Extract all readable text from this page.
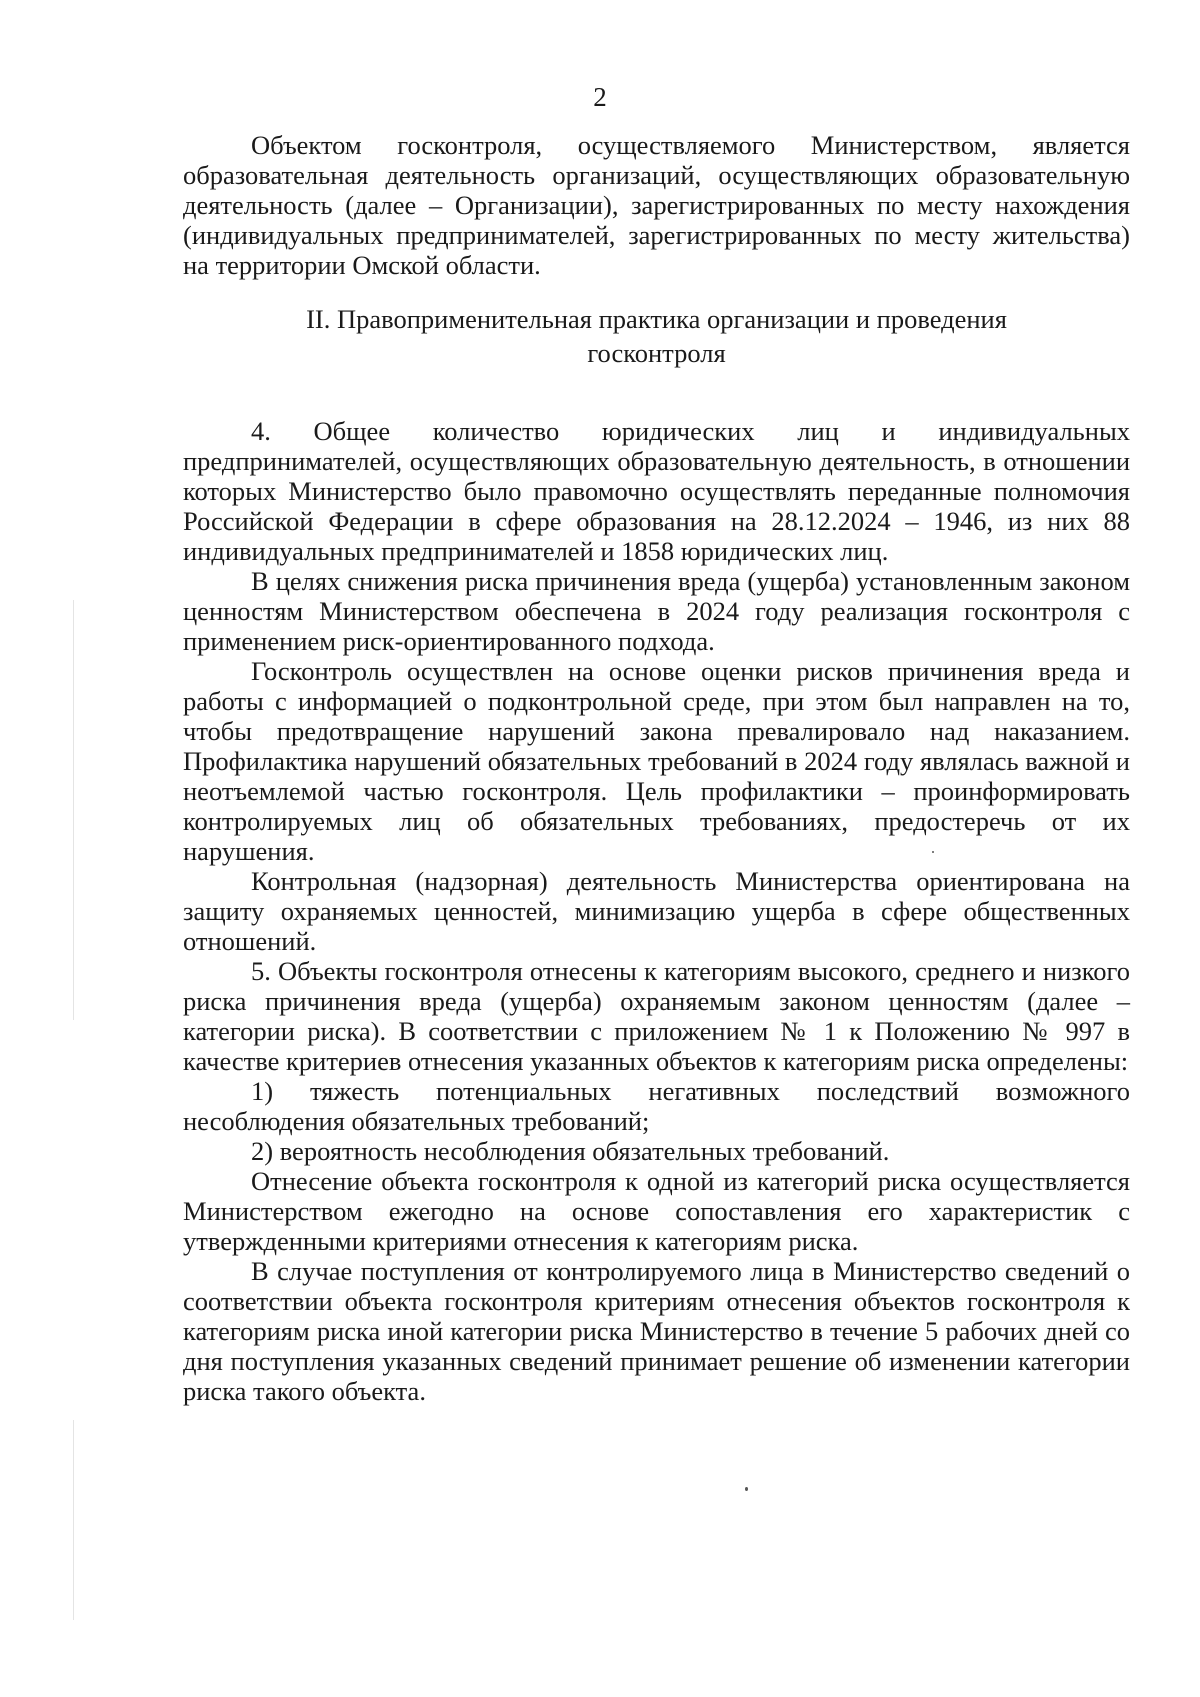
2

Объектом госконтроля, осуществляемого Министерством, является образовательная деятельность организаций, осуществляющих образовательную деятельность (далее – Организации), зарегистрированных по месту нахождения (индивидуальных предпринимателей, зарегистрированных по месту жительства) на территории Омской области.

II. Правоприменительная практика организации и проведения
госконтроля

4. Общее количество юридических лиц и индивидуальных предпринимателей, осуществляющих образовательную деятельность, в отношении которых Министерство было правомочно осуществлять переданные полномочия Российской Федерации в сфере образования на 28.12.2024 – 1946, из них 88 индивидуальных предпринимателей и 1858 юридических лиц.

В целях снижения риска причинения вреда (ущерба) установленным законом ценностям Министерством обеспечена в 2024 году реализация госконтроля с применением риск-ориентированного подхода.

Госконтроль осуществлен на основе оценки рисков причинения вреда и работы с информацией о подконтрольной среде, при этом был направлен на то, чтобы предотвращение нарушений закона превалировало над наказанием. Профилактика нарушений обязательных требований в 2024 году являлась важной и неотъемлемой частью госконтроля. Цель профилактики – проинформировать контролируемых лиц об обязательных требованиях, предостеречь от их нарушения.

Контрольная (надзорная) деятельность Министерства ориентирована на защиту охраняемых ценностей, минимизацию ущерба в сфере общественных отношений.

5. Объекты госконтроля отнесены к категориям высокого, среднего и низкого риска причинения вреда (ущерба) охраняемым законом ценностям (далее – категории риска). В соответствии с приложением № 1 к Положению № 997 в качестве критериев отнесения указанных объектов к категориям риска определены:

1) тяжесть потенциальных негативных последствий возможного несоблюдения обязательных требований;

2) вероятность несоблюдения обязательных требований.

Отнесение объекта госконтроля к одной из категорий риска осуществляется Министерством ежегодно на основе сопоставления его характеристик с утвержденными критериями отнесения к категориям риска.

В случае поступления от контролируемого лица в Министерство сведений о соответствии объекта госконтроля критериям отнесения объектов госконтроля к категориям риска иной категории риска Министерство в течение 5 рабочих дней со дня поступления указанных сведений принимает решение об изменении категории риска такого объекта.
